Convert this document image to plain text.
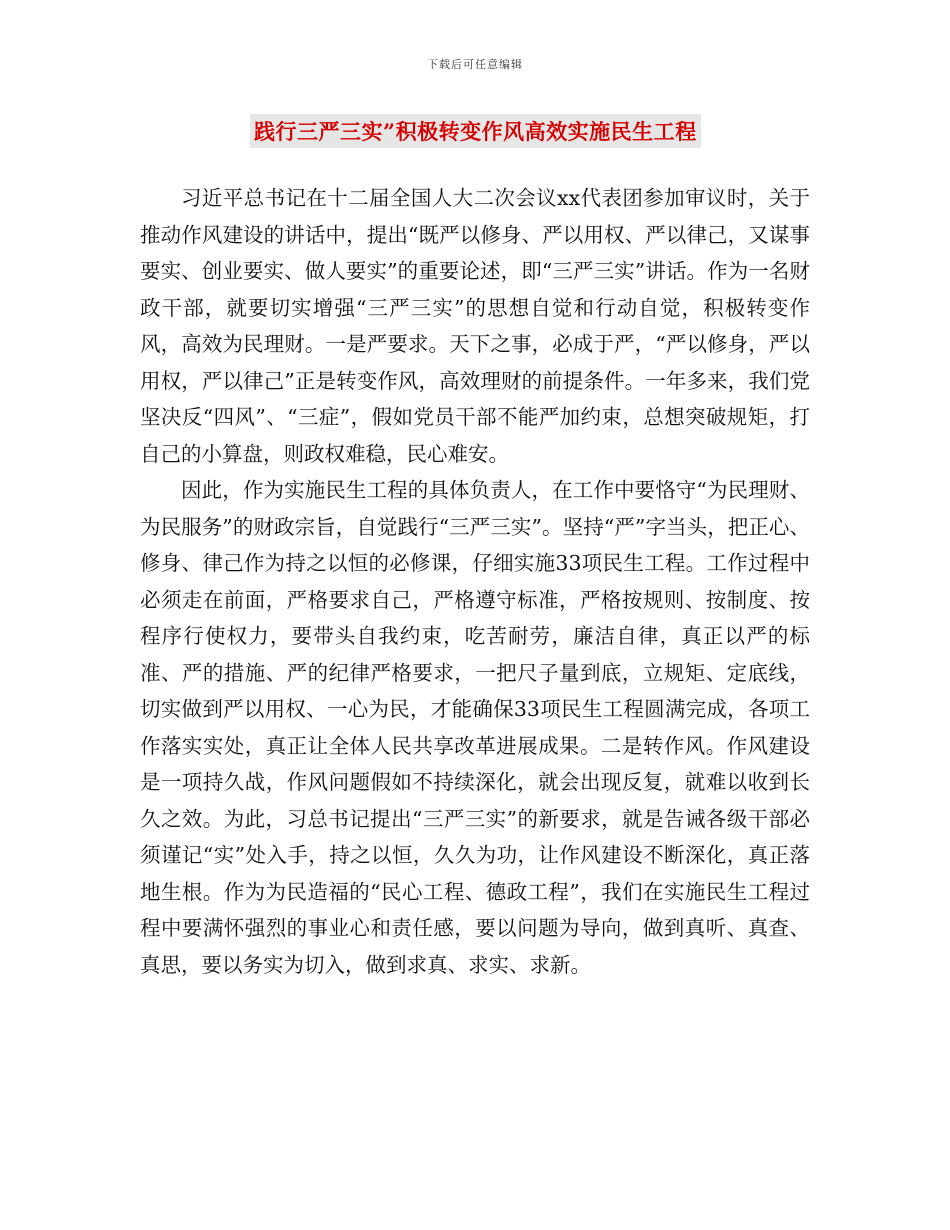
下载后可任意编辑
践行三严三实”积极转变作风高效实施民生工程

习近平总书记在十二届全国人大二次会议xx代表团参加审议时，关于推动作风建设的讲话中，提出“既严以修身、严以用权、严以律己，又谋事要实、创业要实、做人要实”的重要论述，即“三严三实”讲话。作为一名财政干部，就要切实增强“三严三实”的思想自觉和行动自觉，积极转变作风，高效为民理财。一是严要求。天下之事，必成于严，“严以修身，严以用权，严以律己”正是转变作风，高效理财的前提条件。一年多来，我们党坚决反“四风”、“三症”，假如党员干部不能严加约束，总想突破规矩，打自己的小算盘，则政权难稳，民心难安。

因此，作为实施民生工程的具体负责人，在工作中要恪守“为民理财、为民服务”的财政宗旨，自觉践行“三严三实”。坚持“严”字当头，把正心、修身、律己作为持之以恒的必修课，仔细实施33项民生工程。工作过程中必须走在前面，严格要求自己，严格遵守标准，严格按规则、按制度、按程序行使权力，要带头自我约束，吃苦耐劳，廉洁自律，真正以严的标准、严的措施、严的纪律严格要求，一把尺子量到底，立规矩、定底线，切实做到严以用权、一心为民，才能确保33项民生工程圆满完成，各项工作落实实处，真正让全体人民共享改革进展成果。二是转作风。作风建设是一项持久战，作风问题假如不持续深化，就会出现反复，就难以收到长久之效。为此，习总书记提出“三严三实”的新要求，就是告诫各级干部必须谨记“实”处入手，持之以恒，久久为功，让作风建设不断深化，真正落地生根。作为为民造福的“民心工程、德政工程”，我们在实施民生工程过程中要满怀强烈的事业心和责任感，要以问题为导向，做到真听、真查、真思，要以务实为切入，做到求真、求实、求新。
